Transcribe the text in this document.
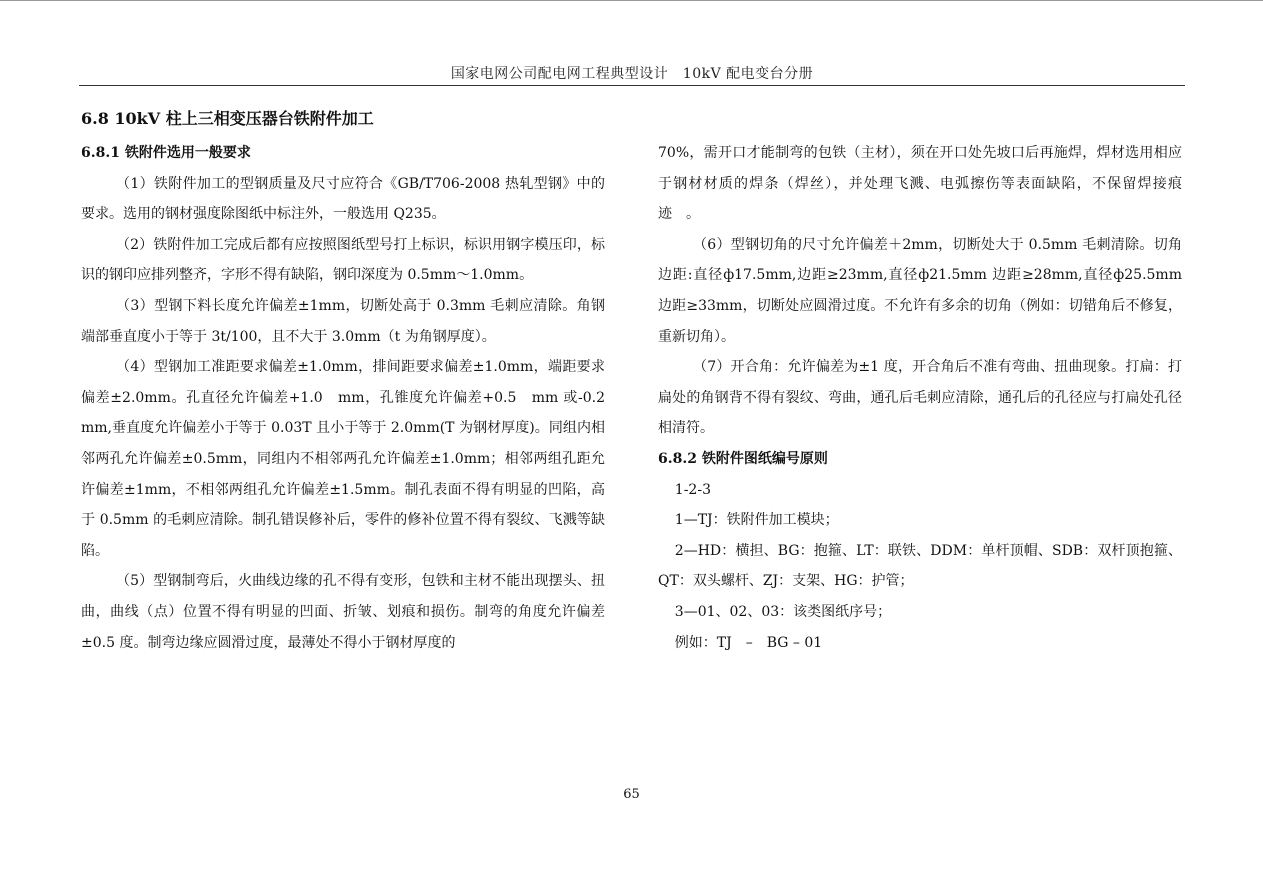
国家电网公司配电网工程典型设计　10kV 配电变台分册
6.8 10kV 柱上三相变压器台铁附件加工
6.8.1 铁附件选用一般要求

（1）铁附件加工的型钢质量及尺寸应符合《GB/T706-2008 热轧型钢》中的要求。选用的钢材强度除图纸中标注外，一般选用 Q235。

（2）铁附件加工完成后都有应按照图纸型号打上标识，标识用钢字模压印，标识的钢印应排列整齐，字形不得有缺陷，钢印深度为 0.5mm～1.0mm。

（3）型钢下料长度允许偏差±1mm，切断处高于 0.3mm 毛刺应清除。角钢端部垂直度小于等于 3t/100，且不大于 3.0mm（t 为角钢厚度）。

（4）型钢加工准距要求偏差±1.0mm，排间距要求偏差±1.0mm，端距要求偏差±2.0mm。孔直径允许偏差+1.0　mm，孔锥度允许偏差+0.5　mm 或-0.2　mm,垂直度允许偏差小于等于 0.03T 且小于等于 2.0mm(T 为钢材厚度)。同组内相邻两孔允许偏差±0.5mm，同组内不相邻两孔允许偏差±1.0mm；相邻两组孔距允许偏差±1mm，不相邻两组孔允许偏差±1.5mm。制孔表面不得有明显的凹陷，高于 0.5mm 的毛刺应清除。制孔错误修补后，零件的修补位置不得有裂纹、飞溅等缺陷。

（5）型钢制弯后，火曲线边缘的孔不得有变形，包铁和主材不能出现摆头、扭曲，曲线（点）位置不得有明显的凹面、折皱、划痕和损伤。制弯的角度允许偏差±0.5 度。制弯边缘应圆滑过度，最薄处不得小于钢材厚度的

70%，需开口才能制弯的包铁（主材），须在开口处先坡口后再施焊，焊材选用相应于钢材材质的焊条（焊丝），并处理飞溅、电弧擦伤等表面缺陷，不保留焊接痕迹　。

（6）型钢切角的尺寸允许偏差＋2mm，切断处大于 0.5mm 毛刺清除。切角边距:直径ф17.5mm,边距≥23mm,直径ф21.5mm 边距≥28mm,直径ф25.5mm 边距≥33mm，切断处应圆滑过度。不允许有多余的切角（例如：切错角后不修复，重新切角）。

（7）开合角：允许偏差为±1 度，开合角后不准有弯曲、扭曲现象。打扁：打扁处的角钢背不得有裂纹、弯曲，通孔后毛刺应清除，通孔后的孔径应与打扁处孔径相清符。

6.8.2 铁附件图纸编号原则

1-2-3

1—TJ：铁附件加工模块；

2—HD：横担、BG：抱箍、LT：联铁、DDM：单杆顶帽、SDB：双杆顶抱箍、QT：双头螺杆、ZJ：支架、HG：护管；

3—01、02、03：该类图纸序号；

例如：TJ　–　BG – 01

65
